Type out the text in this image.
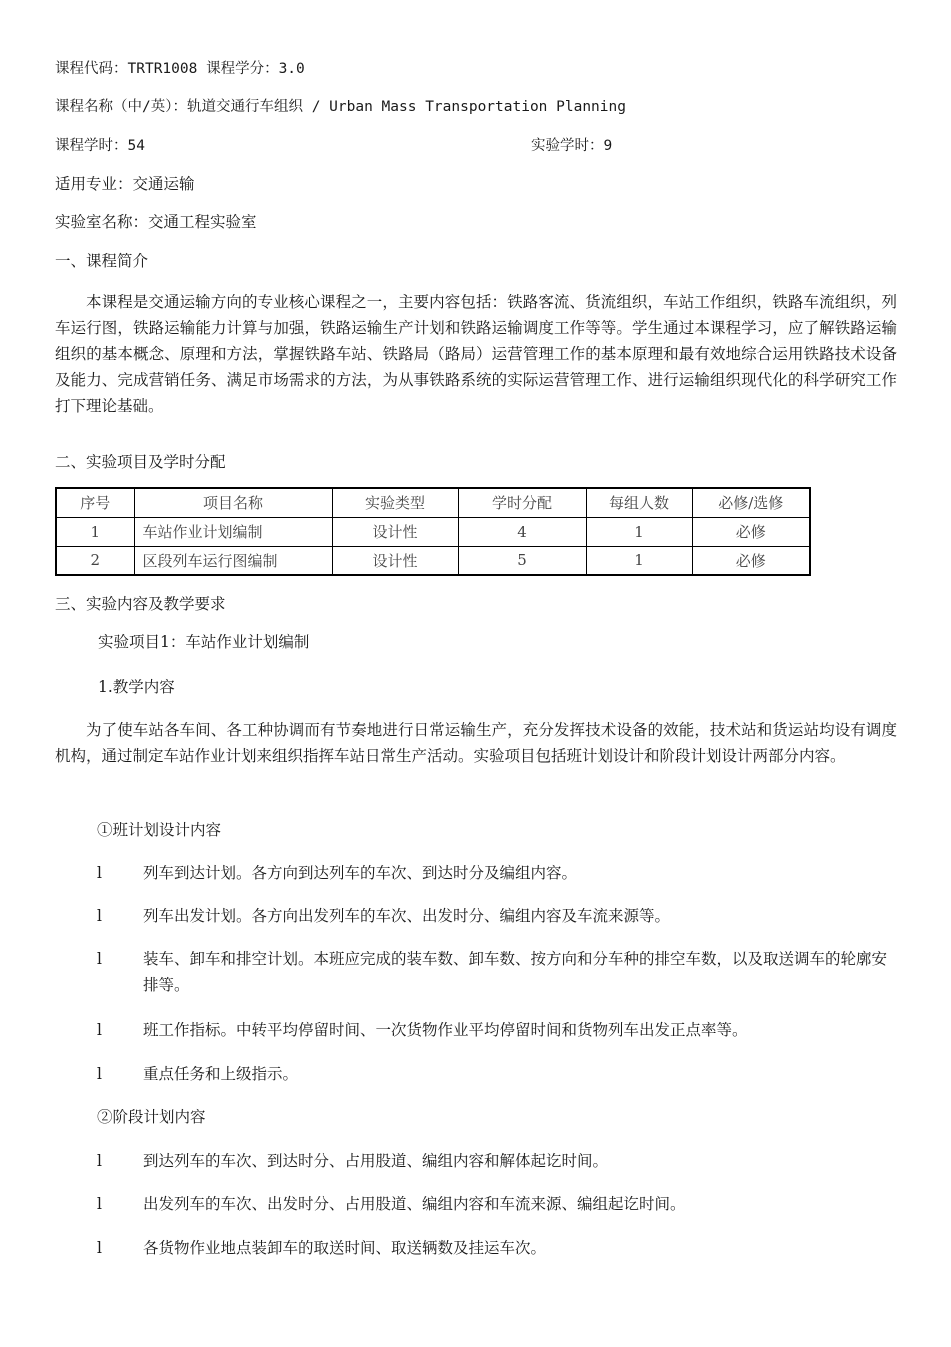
课程代码：TRTR1008 课程学分：3.0
课程名称（中/英）：轨道交通行车组织 / Urban Mass Transportation Planning
课程学时：54	实验学时：9
适用专业：交通运输
实验室名称：交通工程实验室
一、课程简介
本课程是交通运输方向的专业核心课程之一，主要内容包括：铁路客流、货流组织，车站工作组织，铁路车流组织，列车运行图，铁路运输能力计算与加强，铁路运输生产计划和铁路运输调度工作等等。学生通过本课程学习，应了解铁路运输组织的基本概念、原理和方法，掌握铁路车站、铁路局（路局）运营管理工作的基本原理和最有效地综合运用铁路技术设备及能力、完成营销任务、满足市场需求的方法，为从事铁路系统的实际运营管理工作、进行运输组织现代化的科学研究工作打下理论基础。
二、实验项目及学时分配
序号	项目名称	实验类型	学时分配	每组人数	必修/选修
1	车站作业计划编制	设计性	4	1	必修
2	区段列车运行图编制	设计性	5	1	必修
三、实验内容及教学要求
实验项目1：车站作业计划编制
1.教学内容
为了使车站各车间、各工种协调而有节奏地进行日常运输生产，充分发挥技术设备的效能，技术站和货运站均设有调度机构，通过制定车站作业计划来组织指挥车站日常生产活动。实验项目包括班计划设计和阶段计划设计两部分内容。
①班计划设计内容
l	列车到达计划。各方向到达列车的车次、到达时分及编组内容。
l	列车出发计划。各方向出发列车的车次、出发时分、编组内容及车流来源等。
l	装车、卸车和排空计划。本班应完成的装车数、卸车数、按方向和分车种的排空车数，以及取送调车的轮廓安排等。
l	班工作指标。中转平均停留时间、一次货物作业平均停留时间和货物列车出发正点率等。
l	重点任务和上级指示。
②阶段计划内容
l	到达列车的车次、到达时分、占用股道、编组内容和解体起讫时间。
l	出发列车的车次、出发时分、占用股道、编组内容和车流来源、编组起讫时间。
l	各货物作业地点装卸车的取送时间、取送辆数及挂运车次。
